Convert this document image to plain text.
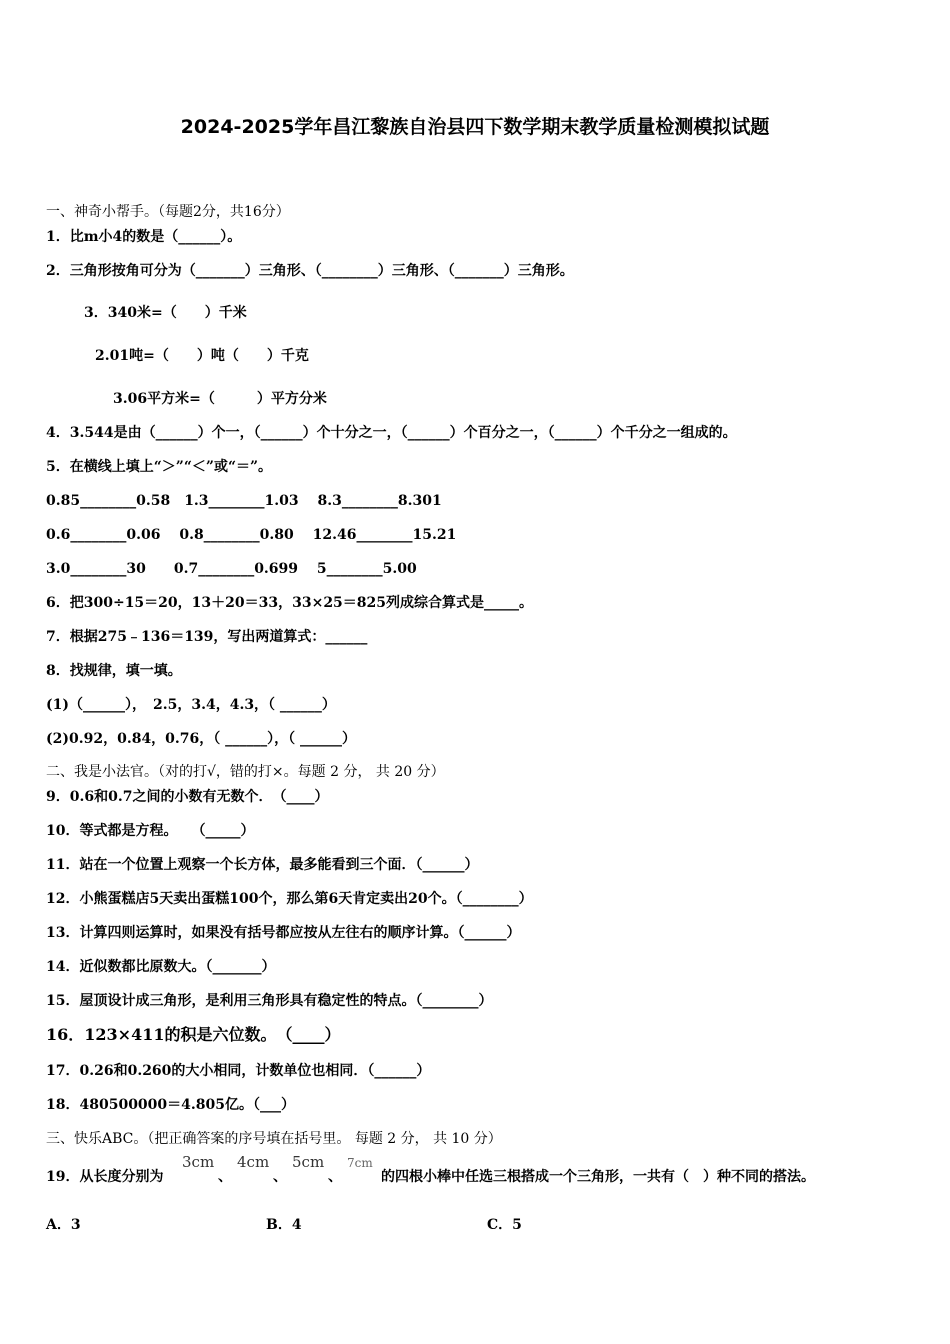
2024-2025学年昌江黎族自治县四下数学期末教学质量检测模拟试题
一、神奇小帮手。（每题2分，共16分）
1．比m小4的数是（______）。
2．三角形按角可分为（_______）三角形、（________）三角形、（_______）三角形。
3．340米=（　　）千米
2.01吨=（　　）吨（　　）千克
3.06平方米=（　　　）平方分米
4．3.544是由（______）个一，（______）个十分之一，（______）个百分之一，（______）个千分之一组成的。
5．在横线上填上“＞”“＜”或“＝”。
0.85________0.58　1.3________1.03　 8.3________8.301
0.6________0.06　 0.8________0.80　 12.46________15.21
3.0________30　　0.7________0.699　 5________5.00
6．把300÷15＝20，13＋20＝33，33×25＝825列成综合算式是_____。
7．根据275﹣136＝139，写出两道算式：______
8．找规律，填一填。
(1)（______），　2.5，3.4，4.3，（ ______）
(2)0.92，0.84，0.76，（ ______），（ ______）
二、我是小法官。（对的打√，错的打×。每题 2 分， 共 20 分）
9．0.6和0.7之间的小数有无数个．　（____）
10．等式都是方程。　　（_____）
11．站在一个位置上观察一个长方体，最多能看到三个面．（______）
12．小熊蛋糕店5天卖出蛋糕100个，那么第6天肯定卖出20个。（________）
13．计算四则运算时，如果没有括号都应按从左往右的顺序计算。（______）
14．近似数都比原数大。（_______）
15．屋顶设计成三角形，是利用三角形具有稳定性的特点。（________）
16．123×411的积是六位数。　（____）
17．0.26和0.260的大小相同，计数单位也相同．（______）
18．480500000＝4.805亿。（___）
三、快乐ABC。（把正确答案的序号填在括号里。 每题 2 分， 共 10 分）
19．从长度分别为
3cm
、
4cm
、
5cm
、
7cm
的四根小棒中任选三根搭成一个三角形，一共有（　）种不同的搭法。
A．3	B．4	C．5
